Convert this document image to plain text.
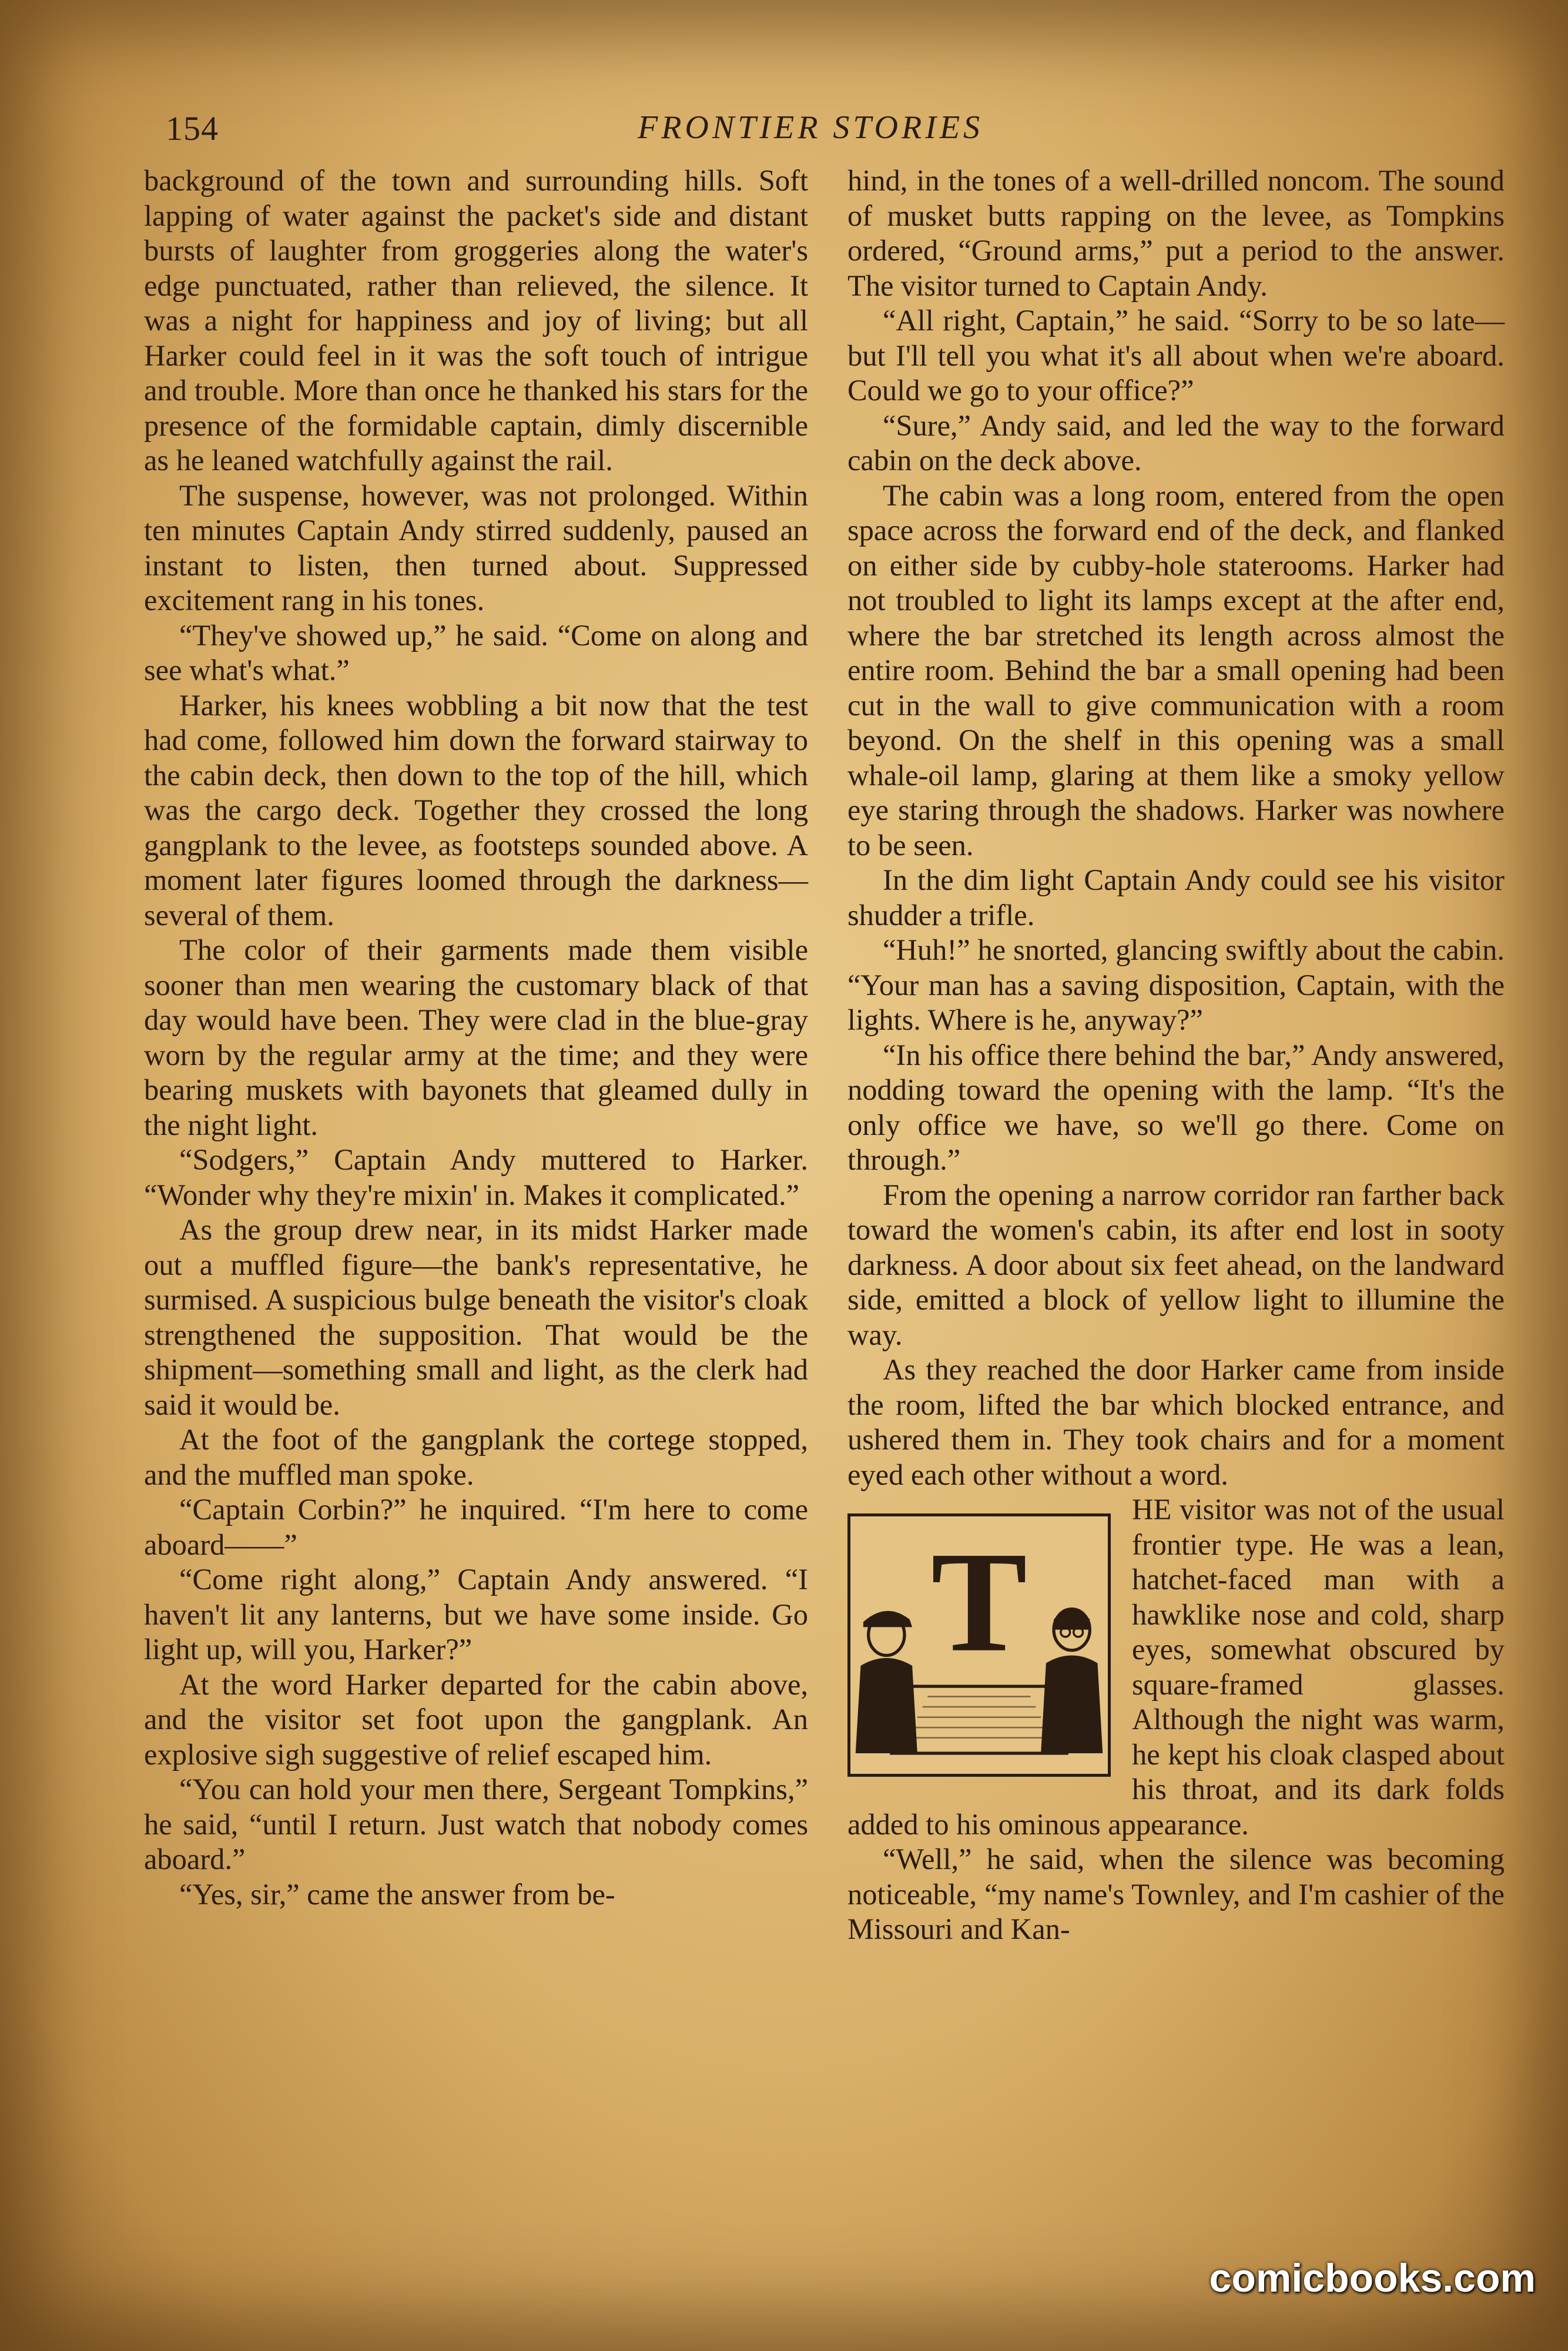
154	FRONTIER STORIES

background of the town and surrounding hills. Soft lapping of water against the packet's side and distant bursts of laughter from groggeries along the water's edge punctuated, rather than relieved, the silence. It was a night for happiness and joy of living; but all Harker could feel in it was the soft touch of intrigue and trouble. More than once he thanked his stars for the presence of the formidable captain, dimly discernible as he leaned watchfully against the rail.

The suspense, however, was not prolonged. Within ten minutes Captain Andy stirred suddenly, paused an instant to listen, then turned about. Suppressed excitement rang in his tones.

“They've showed up,” he said. “Come on along and see what's what.”

Harker, his knees wobbling a bit now that the test had come, followed him down the forward stairway to the cabin deck, then down to the top of the hill, which was the cargo deck. Together they crossed the long gangplank to the levee, as footsteps sounded above. A moment later figures loomed through the darkness—several of them.

The color of their garments made them visible sooner than men wearing the customary black of that day would have been. They were clad in the blue-gray worn by the regular army at the time; and they were bearing muskets with bayonets that gleamed dully in the night light.

“Sodgers,” Captain Andy muttered to Harker. “Wonder why they're mixin' in. Makes it complicated.”

As the group drew near, in its midst Harker made out a muffled figure—the bank's representative, he surmised. A suspicious bulge beneath the visitor's cloak strengthened the supposition. That would be the shipment—something small and light, as the clerk had said it would be.

At the foot of the gangplank the cortege stopped, and the muffled man spoke.

“Captain Corbin?” he inquired. “I'm here to come aboard——”

“Come right along,” Captain Andy answered. “I haven't lit any lanterns, but we have some inside. Go light up, will you, Harker?”

At the word Harker departed for the cabin above, and the visitor set foot upon the gangplank. An explosive sigh suggestive of relief escaped him.

“You can hold your men there, Sergeant Tompkins,” he said, “until I return. Just watch that nobody comes aboard.”

“Yes, sir,” came the answer from be-

hind, in the tones of a well-drilled noncom. The sound of musket butts rapping on the levee, as Tompkins ordered, “Ground arms,” put a period to the answer. The visitor turned to Captain Andy.

“All right, Captain,” he said. “Sorry to be so late—but I'll tell you what it's all about when we're aboard. Could we go to your office?”

“Sure,” Andy said, and led the way to the forward cabin on the deck above.

The cabin was a long room, entered from the open space across the forward end of the deck, and flanked on either side by cubby-hole staterooms. Harker had not troubled to light its lamps except at the after end, where the bar stretched its length across almost the entire room. Behind the bar a small opening had been cut in the wall to give communication with a room beyond. On the shelf in this opening was a small whale-oil lamp, glaring at them like a smoky yellow eye staring through the shadows. Harker was nowhere to be seen.

In the dim light Captain Andy could see his visitor shudder a trifle.

“Huh!” he snorted, glancing swiftly about the cabin. “Your man has a saving disposition, Captain, with the lights. Where is he, anyway?”

“In his office there behind the bar,” Andy answered, nodding toward the opening with the lamp. “It's the only office we have, so we'll go there. Come on through.”

From the opening a narrow corridor ran farther back toward the women's cabin, its after end lost in sooty darkness. A door about six feet ahead, on the landward side, emitted a block of yellow light to illumine the way.

As they reached the door Harker came from inside the room, lifted the bar which blocked entrance, and ushered them in. They took chairs and for a moment eyed each other without a word.

T

HE visitor was not of the usual frontier type. He was a lean, hatchet-faced man with a hawklike nose and cold, sharp eyes, somewhat obscured by square-framed glasses. Although the night was warm, he kept his cloak clasped about his throat, and its dark folds added to his ominous appearance.

“Well,” he said, when the silence was becoming noticeable, “my name's Townley, and I'm cashier of the Missouri and Kan-

comicbooks.com
